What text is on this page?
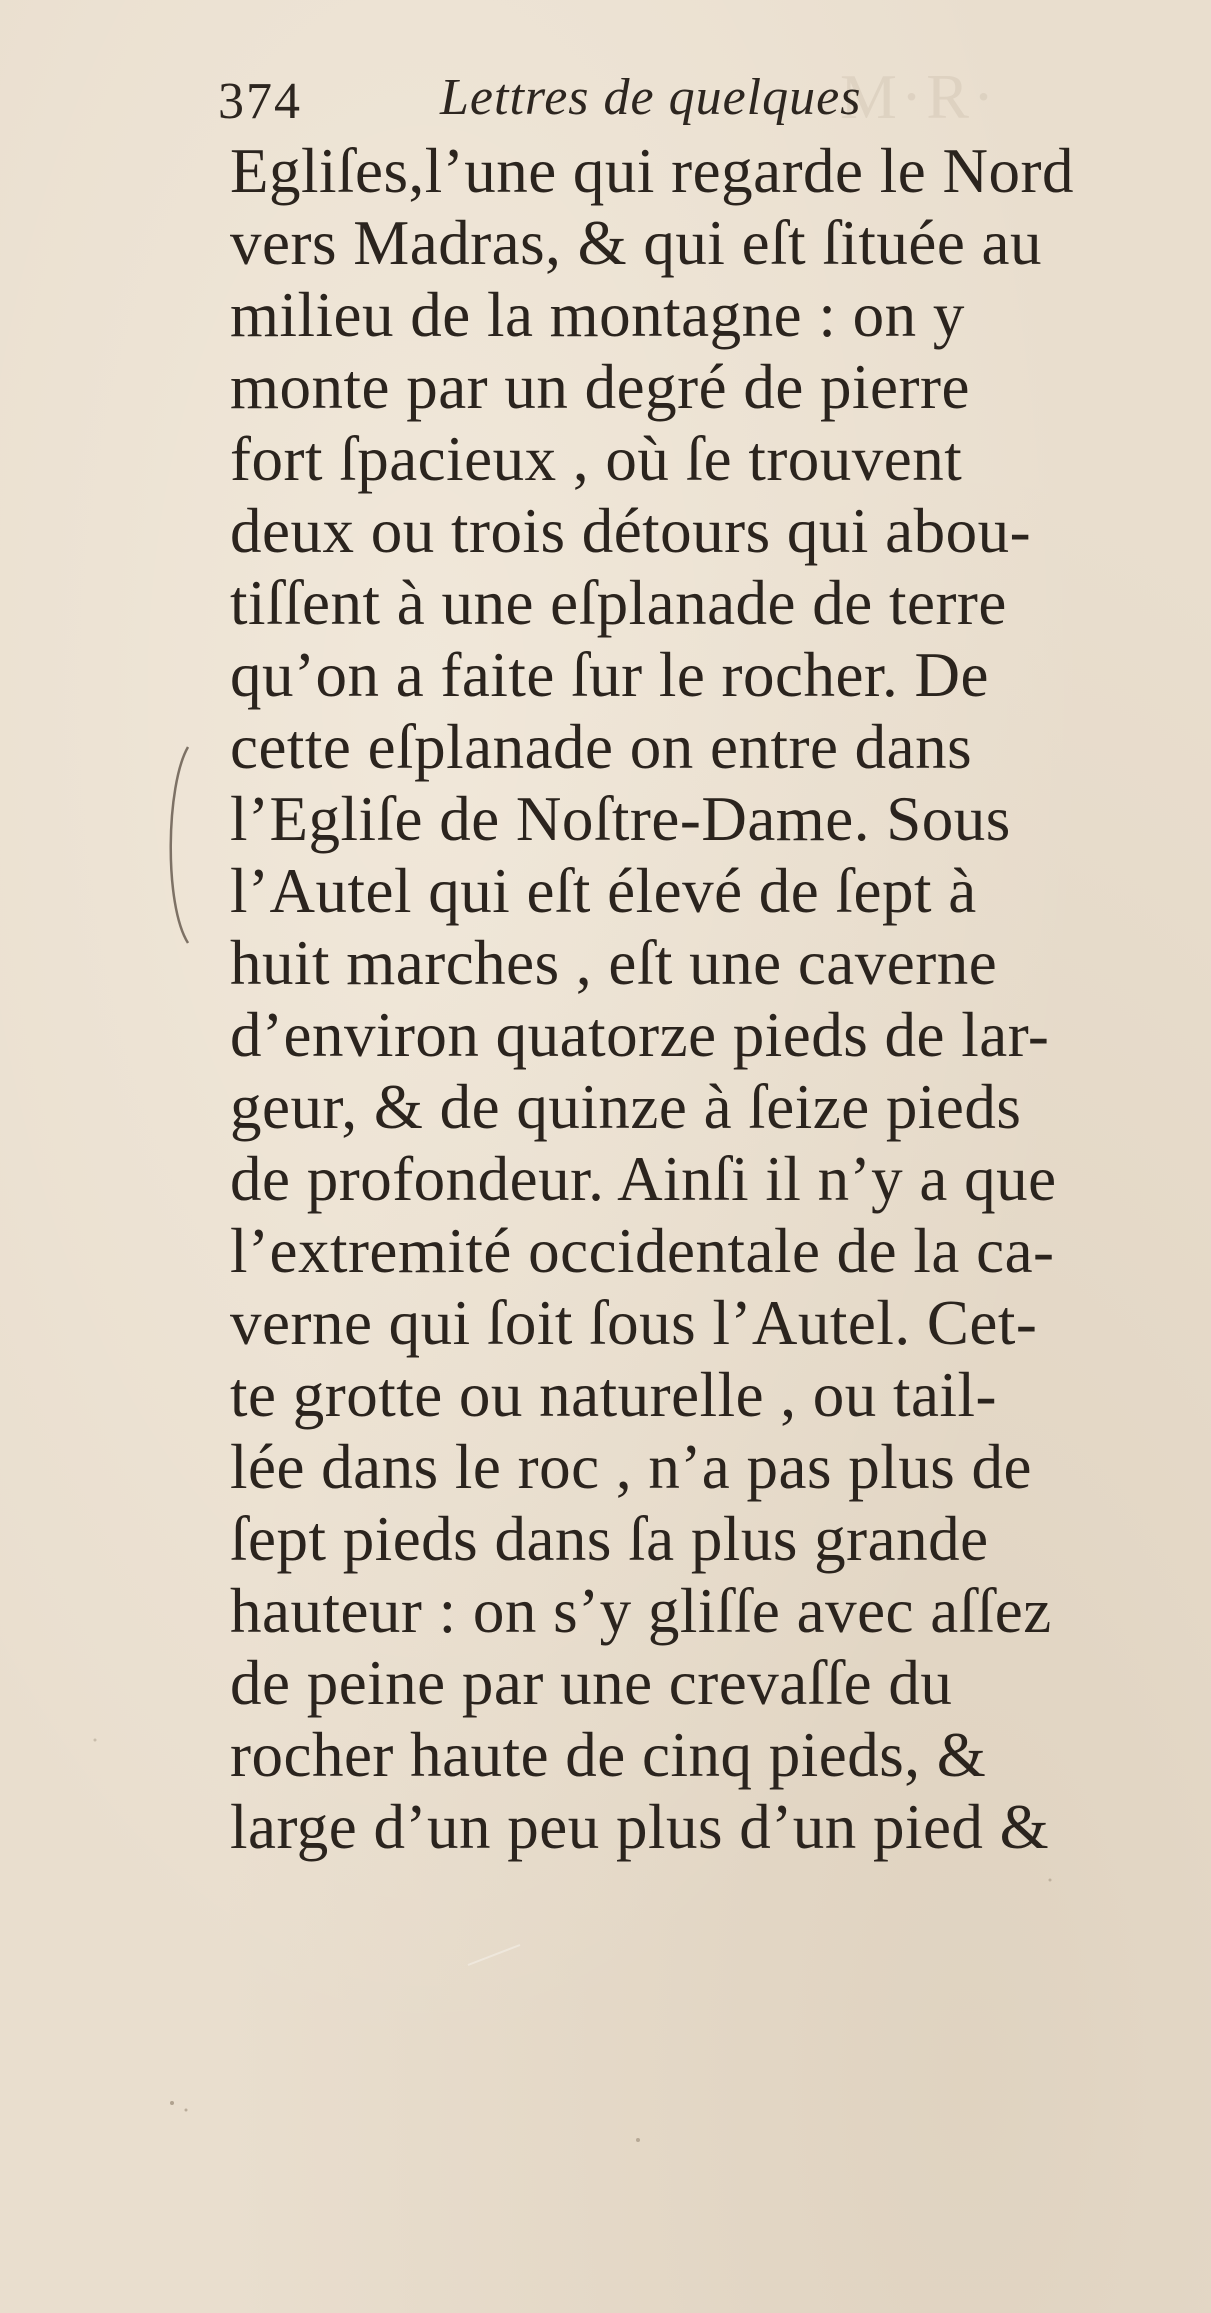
M·R·
374	Lettres de quelques
Egliſes,l’une qui regarde le Nord
vers Madras, & qui eſt ſituée au
milieu de la montagne : on y
monte par un degré de pierre
fort ſpacieux , où ſe trouvent
deux ou trois détours qui abou-
tiſſent à une eſplanade de terre
qu’on a faite ſur le rocher. De
cette eſplanade on entre dans
l’Egliſe de Noſtre-Dame. Sous
l’Autel qui eſt élevé de ſept à
huit marches , eſt une caverne
d’environ quatorze pieds de lar-
geur, & de quinze à ſeize pieds
de profondeur. Ainſi il n’y a que
l’extremité occidentale de la ca-
verne qui ſoit ſous l’Autel. Cet-
te grotte ou naturelle , ou tail-
lée dans le roc , n’a pas plus de
ſept pieds dans ſa plus grande
hauteur : on s’y gliſſe avec aſſez
de peine par une crevaſſe du
rocher haute de cinq pieds, &
large d’un peu plus d’un pied &
